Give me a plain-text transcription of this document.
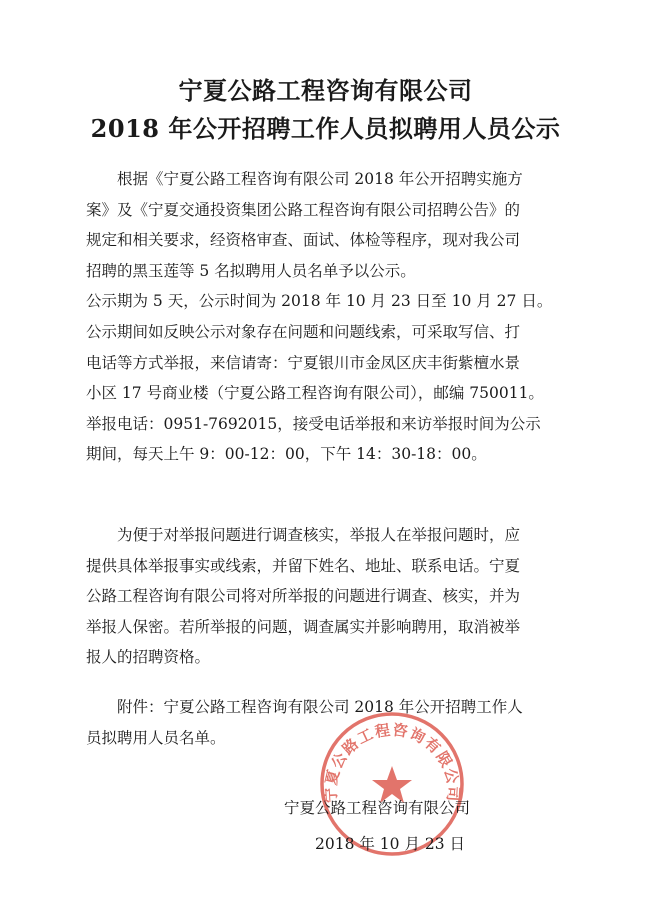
宁夏公路工程咨询有限公司
2018 年公开招聘工作人员拟聘用人员公示
根据《宁夏公路工程咨询有限公司 2018 年公开招聘实施方
案》及《宁夏交通投资集团公路工程咨询有限公司招聘公告》的
规定和相关要求，经资格审查、面试、体检等程序，现对我公司
招聘的黑玉莲等 5 名拟聘用人员名单予以公示。
公示期为 5 天，公示时间为 2018 年 10 月 23 日至 10 月 27 日。
公示期间如反映公示对象存在问题和问题线索，可采取写信、打
电话等方式举报，来信请寄：宁夏银川市金凤区庆丰街紫檀水景
小区 17 号商业楼（宁夏公路工程咨询有限公司），邮编 750011。
举报电话：0951-7692015，接受电话举报和来访举报时间为公示
期间，每天上午 9：00-12：00，下午 14：30-18：00。
为便于对举报问题进行调查核实，举报人在举报问题时，应
提供具体举报事实或线索，并留下姓名、地址、联系电话。宁夏
公路工程咨询有限公司将对所举报的问题进行调查、核实，并为
举报人保密。若所举报的问题，调查属实并影响聘用，取消被举
报人的招聘资格。
附件：宁夏公路工程咨询有限公司 2018 年公开招聘工作人
员拟聘用人员名单。
宁夏公路工程咨询有限公司
宁夏公路工程咨询有限公司
2018 年 10 月 23 日
